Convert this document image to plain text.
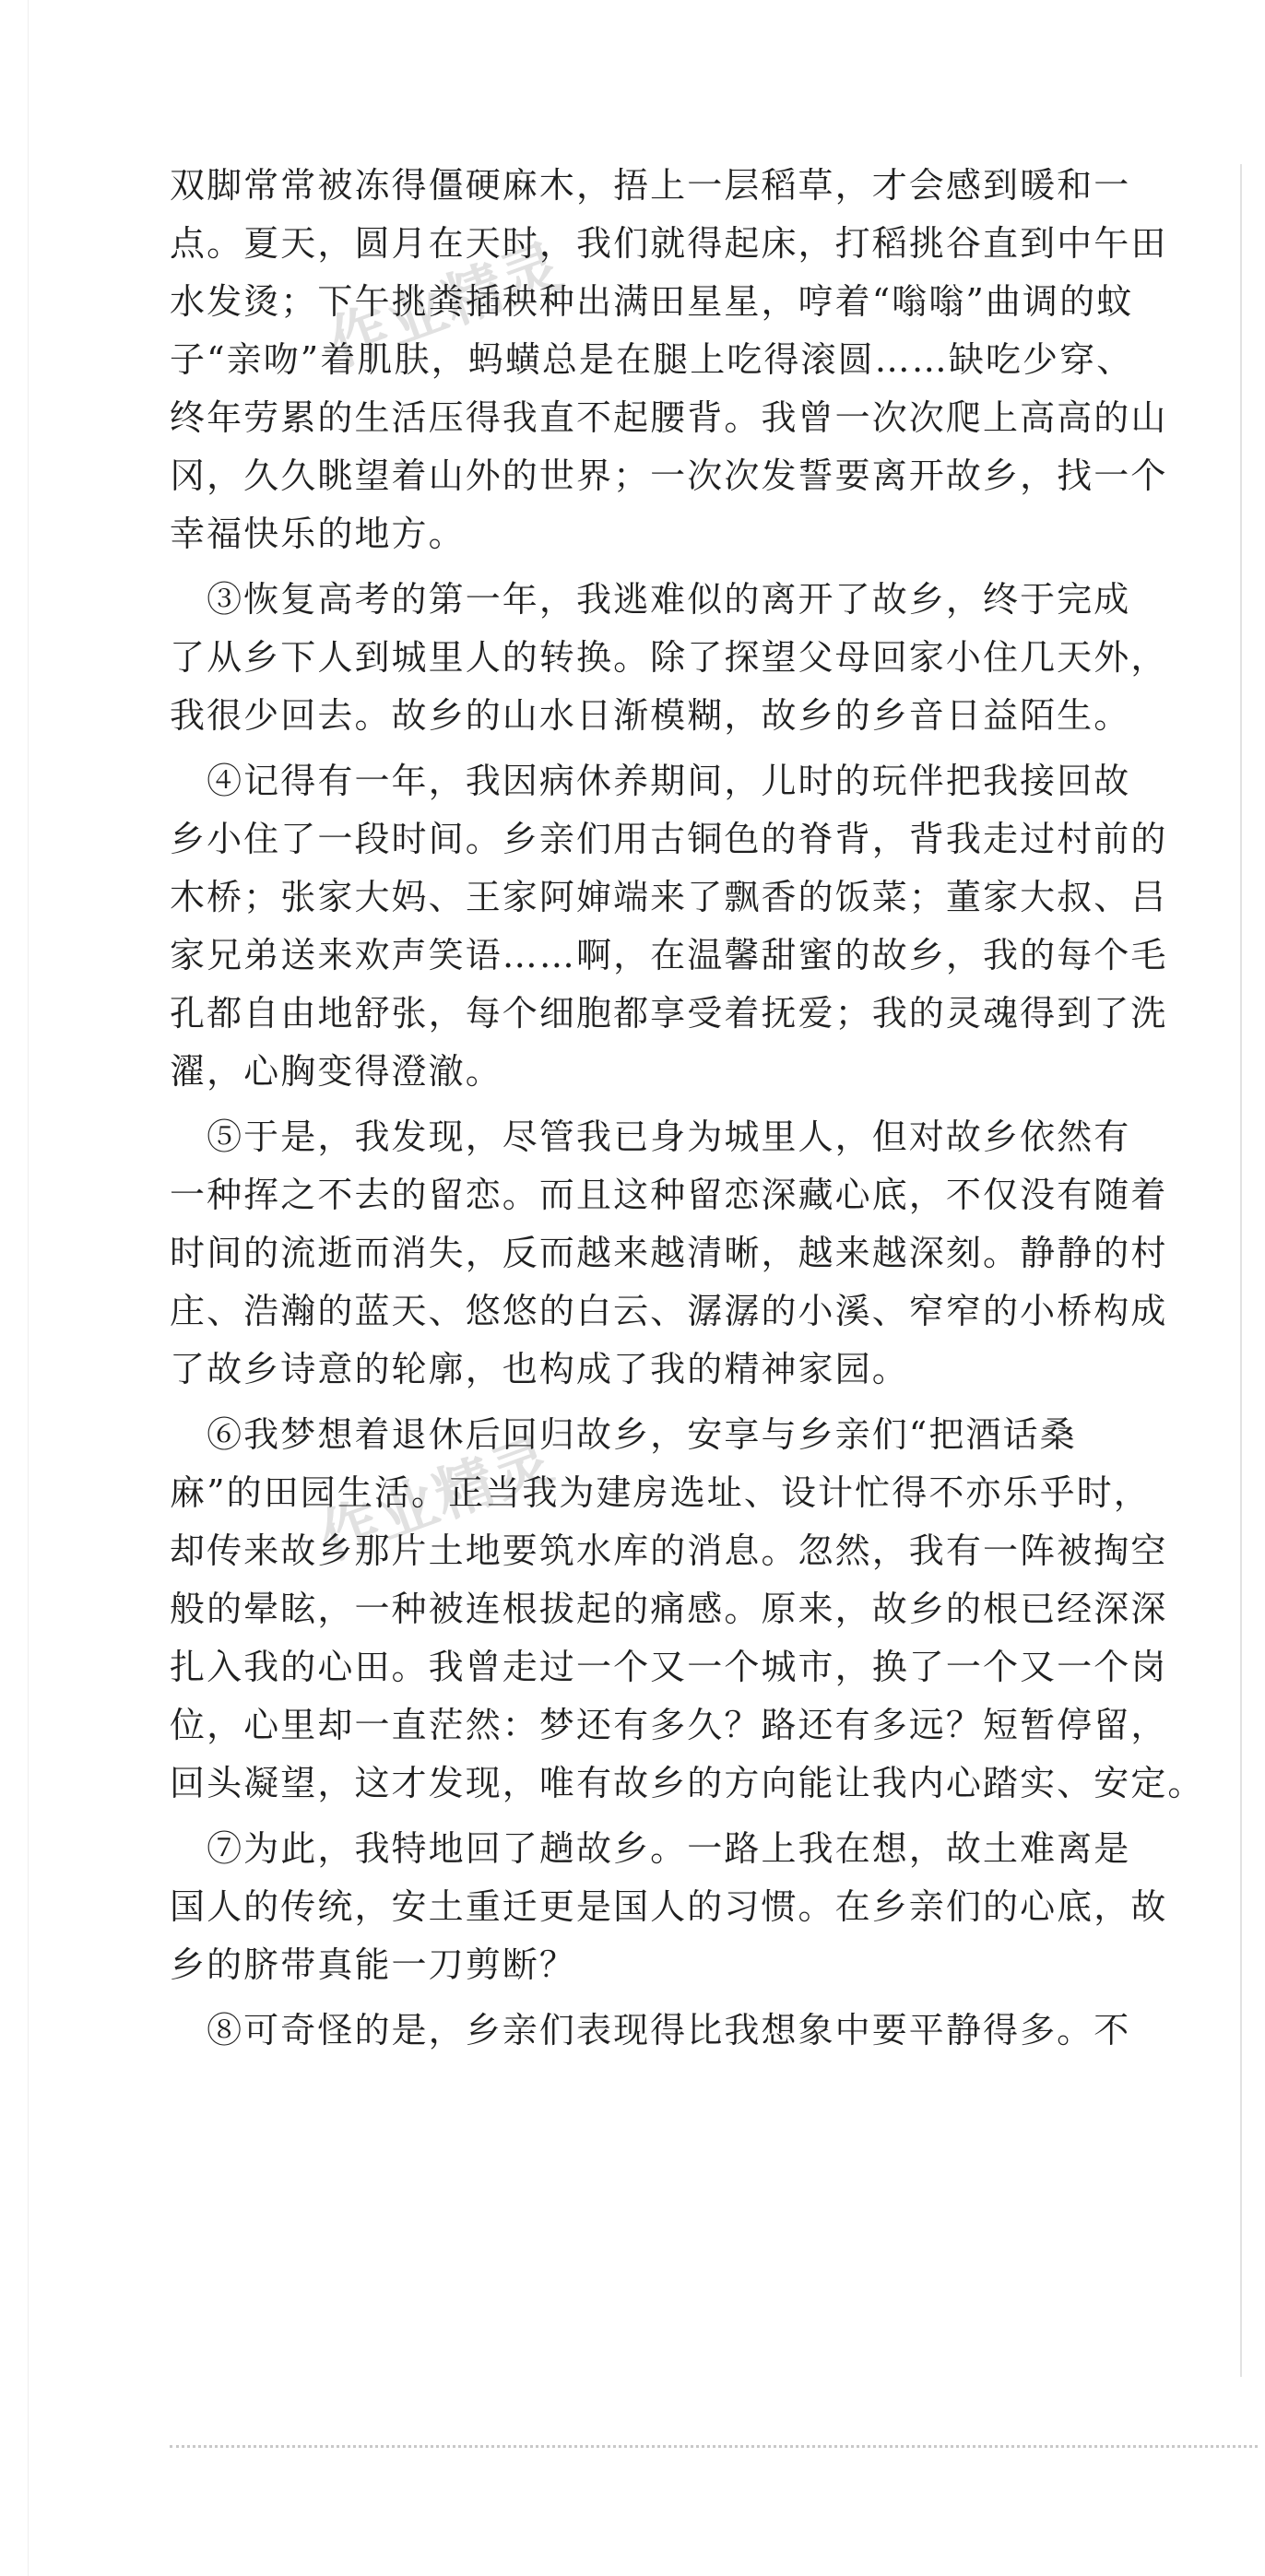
作业精灵
作业精灵
双脚常常被冻得僵硬麻木，捂上一层稻草，才会感到暖和一
点。夏天，圆月在天时，我们就得起床，打稻挑谷直到中午田
水发烫；下午挑粪插秧种出满田星星，哼着“嗡嗡”曲调的蚊
子“亲吻”着肌肤，蚂蟥总是在腿上吃得滚圆……缺吃少穿、
终年劳累的生活压得我直不起腰背。我曾一次次爬上高高的山
冈，久久眺望着山外的世界；一次次发誓要离开故乡，找一个
幸福快乐的地方。
　③恢复高考的第一年，我逃难似的离开了故乡，终于完成
了从乡下人到城里人的转换。除了探望父母回家小住几天外，
我很少回去。故乡的山水日渐模糊，故乡的乡音日益陌生。
　④记得有一年，我因病休养期间，儿时的玩伴把我接回故
乡小住了一段时间。乡亲们用古铜色的脊背，背我走过村前的
木桥；张家大妈、王家阿婶端来了飘香的饭菜；董家大叔、吕
家兄弟送来欢声笑语……啊，在温馨甜蜜的故乡，我的每个毛
孔都自由地舒张，每个细胞都享受着抚爱；我的灵魂得到了洗
濯，心胸变得澄澈。
　⑤于是，我发现，尽管我已身为城里人，但对故乡依然有
一种挥之不去的留恋。而且这种留恋深藏心底，不仅没有随着
时间的流逝而消失，反而越来越清晰，越来越深刻。静静的村
庄、浩瀚的蓝天、悠悠的白云、潺潺的小溪、窄窄的小桥构成
了故乡诗意的轮廓，也构成了我的精神家园。
　⑥我梦想着退休后回归故乡，安享与乡亲们“把酒话桑
麻”的田园生活。正当我为建房选址、设计忙得不亦乐乎时，
却传来故乡那片土地要筑水库的消息。忽然，我有一阵被掏空
般的晕眩，一种被连根拔起的痛感。原来，故乡的根已经深深
扎入我的心田。我曾走过一个又一个城市，换了一个又一个岗
位，心里却一直茫然：梦还有多久？路还有多远？短暂停留，
回头凝望，这才发现，唯有故乡的方向能让我内心踏实、安定。
　⑦为此，我特地回了趟故乡。一路上我在想，故土难离是
国人的传统，安土重迁更是国人的习惯。在乡亲们的心底，故
乡的脐带真能一刀剪断？
　⑧可奇怪的是，乡亲们表现得比我想象中要平静得多。不
